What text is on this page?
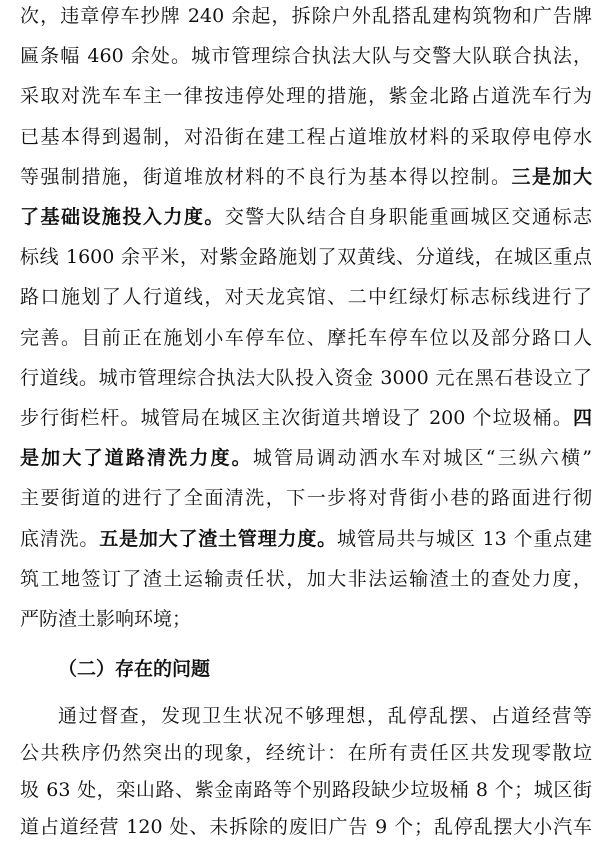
次，违章停车抄牌 240 余起，拆除户外乱搭乱建构筑物和广告牌
匾条幅 460 余处。城市管理综合执法大队与交警大队联合执法，
采取对洗车车主一律按违停处理的措施，紫金北路占道洗车行为
已基本得到遏制，对沿街在建工程占道堆放材料的采取停电停水
等强制措施，街道堆放材料的不良行为基本得以控制。三是加大
了基础设施投入力度。交警大队结合自身职能重画城区交通标志
标线 1600 余平米，对紫金路施划了双黄线、分道线，在城区重点
路口施划了人行道线，对天龙宾馆、二中红绿灯标志标线进行了
完善。目前正在施划小车停车位、摩托车停车位以及部分路口人
行道线。城市管理综合执法大队投入资金 3000 元在黑石巷设立了
步行街栏杆。城管局在城区主次街道共增设了 200 个垃圾桶。四
是加大了道路清洗力度。城管局调动洒水车对城区“三纵六横”
主要街道的进行了全面清洗，下一步将对背街小巷的路面进行彻
底清洗。五是加大了渣土管理力度。城管局共与城区 13 个重点建
筑工地签订了渣土运输责任状，加大非法运输渣土的查处力度，
严防渣土影响环境；
（二）存在的问题
通过督查，发现卫生状况不够理想，乱停乱摆、占道经营等
公共秩序仍然突出的现象，经统计：在所有责任区共发现零散垃
圾 63 处，栾山路、紫金南路等个别路段缺少垃圾桶 8 个；城区街
道占道经营 120 处、未拆除的废旧广告 9 个；乱停乱摆大小汽车
